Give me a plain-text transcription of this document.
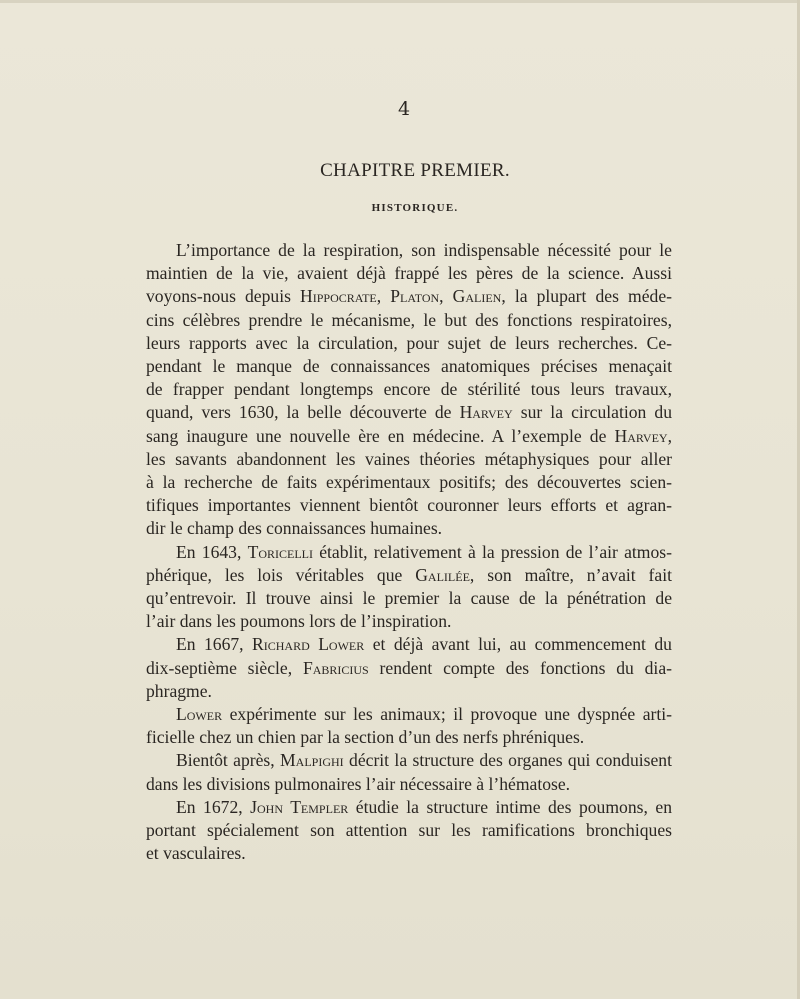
4
CHAPITRE PREMIER.
HISTORIQUE.

L’importance de la respiration, son indispensable nécessité pour le

maintien de la vie, avaient déjà frappé les pères de la science. Aussi

voyons-nous depuis Hippocrate, Platon, Galien, la plupart des méde-

cins célèbres prendre le mécanisme, le but des fonctions respiratoires,

leurs rapports avec la circulation, pour sujet de leurs recherches. Ce-

pendant le manque de connaissances anatomiques précises menaçait

de frapper pendant longtemps encore de stérilité tous leurs travaux,

quand, vers 1630, la belle découverte de Harvey sur la circulation du

sang inaugure une nouvelle ère en médecine. A l’exemple de Harvey,

les savants abandonnent les vaines théories métaphysiques pour aller

à la recherche de faits expérimentaux positifs; des découvertes scien-

tifiques importantes viennent bientôt couronner leurs efforts et agran-

dir le champ des connaissances humaines.

En 1643, Toricelli établit, relativement à la pression de l’air atmos-

phérique, les lois véritables que Galilée, son maître, n’avait fait

qu’entrevoir. Il trouve ainsi le premier la cause de la pénétration de

l’air dans les poumons lors de l’inspiration.

En 1667, Richard Lower et déjà avant lui, au commencement du

dix-septième siècle, Fabricius rendent compte des fonctions du dia-

phragme.

Lower expérimente sur les animaux; il provoque une dyspnée arti-

ficielle chez un chien par la section d’un des nerfs phréniques.

Bientôt après, Malpighi décrit la structure des organes qui conduisent

dans les divisions pulmonaires l’air nécessaire à l’hématose.

En 1672, John Templer étudie la structure intime des poumons, en

portant spécialement son attention sur les ramifications bronchiques

et vasculaires.
